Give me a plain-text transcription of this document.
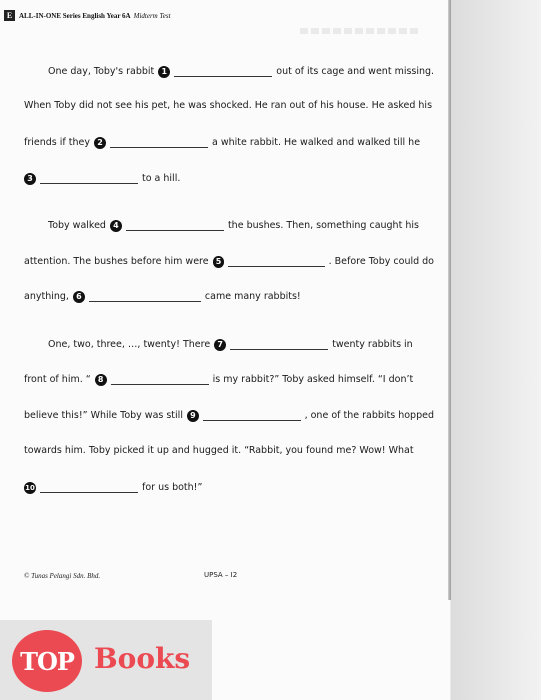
E ALL-IN-ONE Series English Year 6A Midterm Test
One day, Toby's rabbit 1	out of its cage and went missing.
When Toby did not see his pet, he was shocked. He ran out of his house. He asked his
friends if they 2	a white rabbit. He walked and walked till he
3	to a hill.
Toby walked 4	the bushes. Then, something caught his
attention. The bushes before him were 5	. Before Toby could do
anything, 6	came many rabbits!
One, two, three, …, twenty! There 7	twenty rabbits in
front of him. “ 8	is my rabbit?” Toby asked himself. “I don’t
believe this!” While Toby was still 9	, one of the rabbits hopped
towards him. Toby picked it up and hugged it. “Rabbit, you found me? Wow! What
10	for us both!”
© Tunas Pelangi Sdn. Bhd.	UPSA – I2
TOP Books
